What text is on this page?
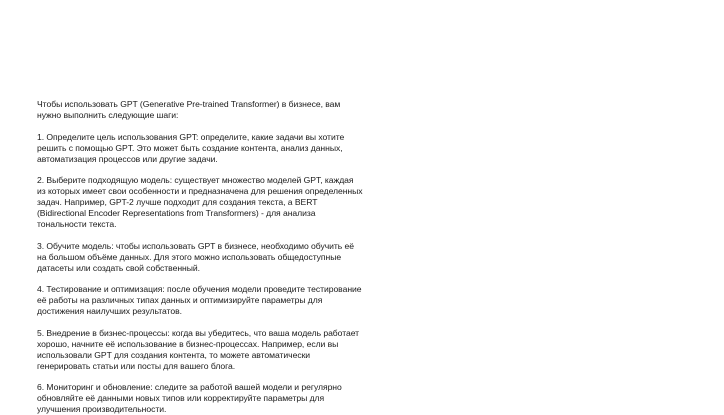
Чтобы использовать GPT (Generative Pre-trained Transformer) в бизнесе, вам нужно выполнить следующие шаги:

1. Определите цель использования GPT: определите, какие задачи вы хотите решить с помощью GPT. Это может быть создание контента, анализ данных, автоматизация процессов или другие задачи.

2. Выберите подходящую модель: существует множество моделей GPT, каждая из которых имеет свои особенности и предназначена для решения определенных задач. Например, GPT-2 лучше подходит для создания текста, а BERT (Bidirectional Encoder Representations from Transformers) - для анализа тональности текста.

3. Обучите модель: чтобы использовать GPT в бизнесе, необходимо обучить её на большом объёме данных. Для этого можно использовать общедоступные датасеты или создать свой собственный.

4. Тестирование и оптимизация: после обучения модели проведите тестирование её работы на различных типах данных и оптимизируйте параметры для достижения наилучших результатов.

5. Внедрение в бизнес-процессы: когда вы убедитесь, что ваша модель работает хорошо, начните её использование в бизнес-процессах. Например, если вы использовали GPT для создания контента, то можете автоматически генерировать статьи или посты для вашего блога.

6. Мониторинг и обновление: следите за работой вашей модели и регулярно обновляйте её данными новых типов или корректируйте параметры для улучшения производительности.
